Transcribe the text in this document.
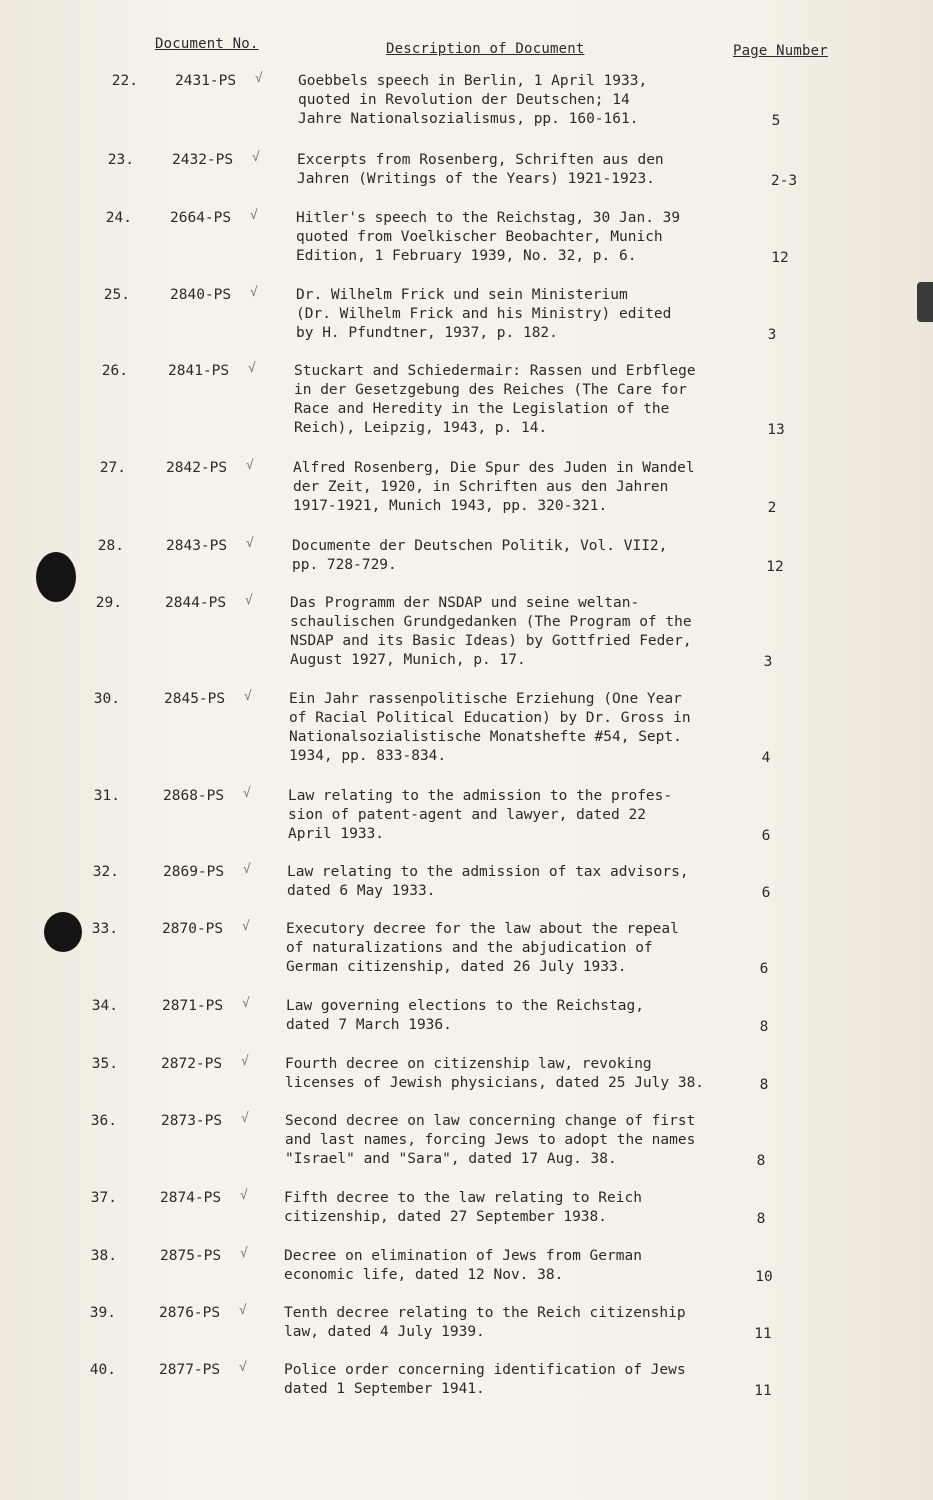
Document No.	Description of Document	Page Number
22.	2431-PS √ Goebbels speech in Berlin, 1 April 1933,
quoted in Revolution der Deutschen; 14
Jahre Nationalsozialismus, pp. 160-161.	5
23.	2432-PS √	Excerpts from Rosenberg, Schriften aus den
Jahren (Writings of the Years) 1921-1923.	2-3
24.	2664-PS √	Hitler's speech to the Reichstag, 30 Jan. 39
quoted from Voelkischer Beobachter, Munich
Edition, 1 February 1939, No. 32, p. 6.	12
25.	2840-PS √	Dr. Wilhelm Frick und sein Ministerium
(Dr. Wilhelm Frick and his Ministry) edited
by H. Pfundtner, 1937, p. 182.	3
26.	2841-PS √	Stuckart and Schiedermair: Rassen und Erbflege
in der Gesetzgebung des Reiches (The Care for
Race and Heredity in the Legislation of the
Reich), Leipzig, 1943, p. 14.	13
27.	2842-PS √	Alfred Rosenberg, Die Spur des Juden in Wandel
der Zeit, 1920, in Schriften aus den Jahren
1917-1921, Munich 1943, pp. 320-321.	2
28.	2843-PS √	Documente der Deutschen Politik, Vol. VII2,
pp. 728-729.	12
29.	2844-PS √	Das Programm der NSDAP und seine weltan-
schaulischen Grundgedanken (The Program of the
NSDAP and its Basic Ideas) by Gottfried Feder,
August 1927, Munich, p. 17.	3
30.	2845-PS √	Ein Jahr rassenpolitische Erziehung (One Year
of Racial Political Education) by Dr. Gross in
Nationalsozialistische Monatshefte #54, Sept.
1934, pp. 833-834.	4
31.	2868-PS √	Law relating to the admission to the profes-
sion of patent-agent and lawyer, dated 22
April 1933.	6
32.	2869-PS √ Law relating to the admission of tax advisors,
dated 6 May 1933.	6
33.	2870-PS √ Executory decree for the law about the repeal
of naturalizations and the abjudication of
German citizenship, dated 26 July 1933.	6
34.	2871-PS √ Law governing elections to the Reichstag,
dated 7 March 1936.	8
35.	2872-PS √ Fourth decree on citizenship law, revoking
licenses of Jewish physicians, dated 25 July 38.	8
36.	2873-PS √ Second decree on law concerning change of first
and last names, forcing Jews to adopt the names
"Israel" and "Sara", dated 17 Aug. 38.	8
37.	2874-PS √ Fifth decree to the law relating to Reich
citizenship, dated 27 September 1938.	8
38.	2875-PS √ Decree on elimination of Jews from German
economic life, dated 12 Nov. 38.	10
39.	2876-PS √	Tenth decree relating to the Reich citizenship
law, dated 4 July 1939.	11
40.	2877-PS √	Police order concerning identification of Jews
dated 1 September 1941.	11
